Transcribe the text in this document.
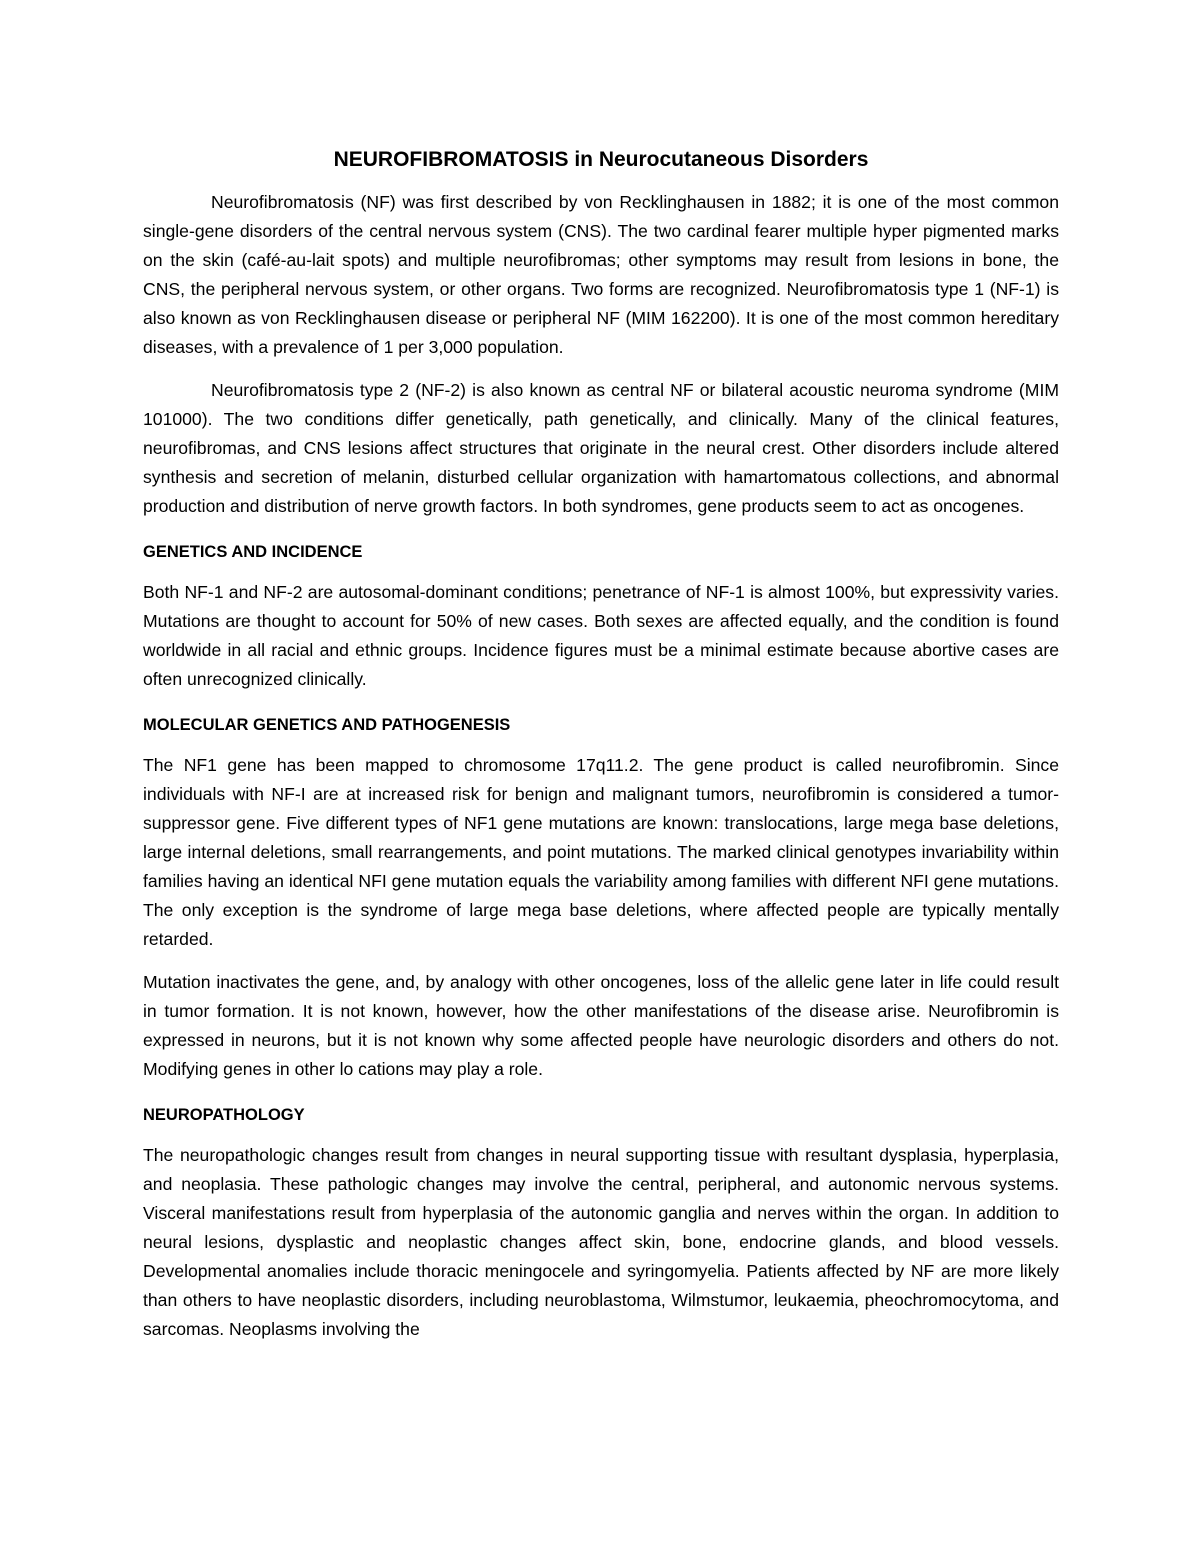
NEUROFIBROMATOSIS in Neurocutaneous Disorders

Neurofibromatosis (NF) was first described by von Recklinghausen in 1882; it is one of the most common single-gene disorders of the central nervous system (CNS). The two cardinal fearer multiple hyper pigmented marks on the skin (café-au-lait spots) and multiple neurofibromas; other symptoms may result from lesions in bone, the CNS, the peripheral nervous system, or other organs. Two forms are recognized. Neurofibromatosis type 1 (NF-1) is also known as von Recklinghausen disease or peripheral NF (MIM 162200). It is one of the most common hereditary diseases, with a prevalence of 1 per 3,000 population.

Neurofibromatosis type 2 (NF-2) is also known as central NF or bilateral acoustic neuroma syndrome (MIM 101000). The two conditions differ genetically, path genetically, and clinically. Many of the clinical features, neurofibromas, and CNS lesions affect structures that originate in the neural crest. Other disorders include altered synthesis and secretion of melanin, disturbed cellular organization with hamartomatous collections, and abnormal production and distribution of nerve growth factors. In both syndromes, gene products seem to act as oncogenes.

GENETICS AND INCIDENCE

Both NF-1 and NF-2 are autosomal-dominant conditions; penetrance of NF-1 is almost 100%, but expressivity varies. Mutations are thought to account for 50% of new cases. Both sexes are affected equally, and the condition is found worldwide in all racial and ethnic groups. Incidence figures must be a minimal estimate because abortive cases are often unrecognized clinically.

MOLECULAR GENETICS AND PATHOGENESIS

The NF1 gene has been mapped to chromosome 17q11.2. The gene product is called neurofibromin. Since individuals with NF-I are at increased risk for benign and malignant tumors, neurofibromin is considered a tumor-suppressor gene. Five different types of NF1 gene mutations are known: translocations, large mega base deletions, large internal deletions, small rearrangements, and point mutations. The marked clinical genotypes invariability within families having an identical NFI gene mutation equals the variability among families with different NFI gene mutations. The only exception is the syndrome of large mega base deletions, where affected people are typically mentally retarded.

Mutation inactivates the gene, and, by analogy with other oncogenes, loss of the allelic gene later in life could result in tumor formation. It is not known, however, how the other manifestations of the disease arise. Neurofibromin is expressed in neurons, but it is not known why some affected people have neurologic disorders and others do not. Modifying genes in other lo cations may play a role.

NEUROPATHOLOGY

The neuropathologic changes result from changes in neural supporting tissue with resultant dysplasia, hyperplasia, and neoplasia. These pathologic changes may involve the central, peripheral, and autonomic nervous systems. Visceral manifestations result from hyperplasia of the autonomic ganglia and nerves within the organ. In addition to neural lesions, dysplastic and neoplastic changes affect skin, bone, endocrine glands, and blood vessels. Developmental anomalies include thoracic meningocele and syringomyelia. Patients affected by NF are more likely than others to have neoplastic disorders, including neuroblastoma, Wilmstumor, leukaemia, pheochromocytoma, and sarcomas. Neoplasms involving the
